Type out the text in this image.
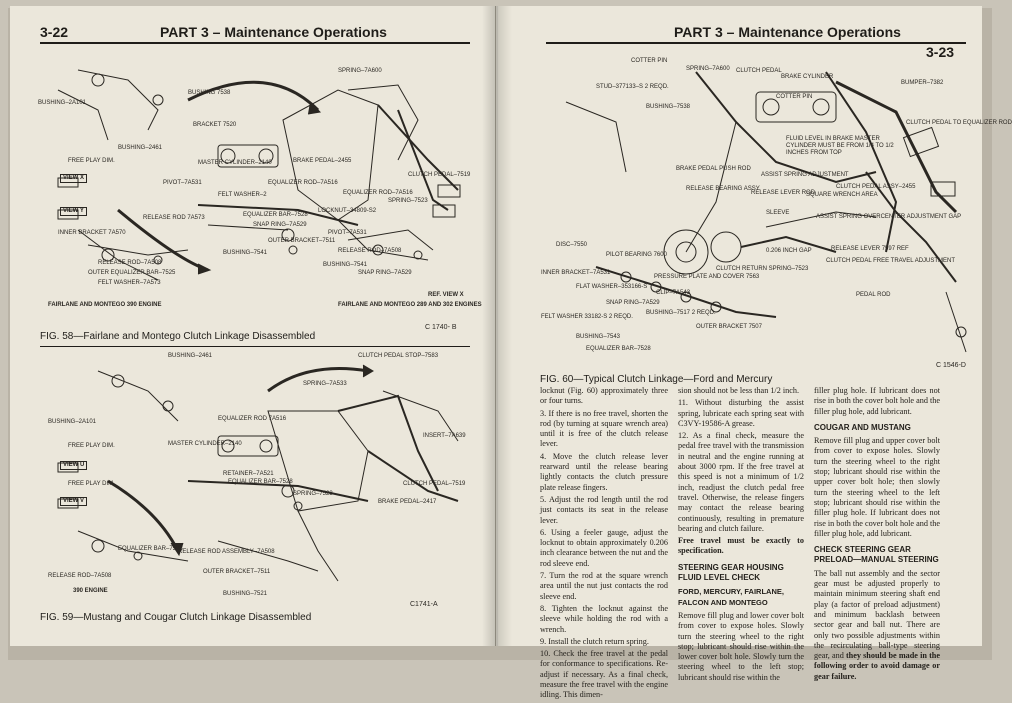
3-22	PART 3 – Maintenance Operations
BUSHING–2A101
BUSHING 7538
BRACKET 7520
BUSHING–2461
FREE PLAY DIM.
VIEW X
VIEW Y
MASTER CYLINDER–2140
PIVOT–7A531
FELT WASHER–2
EQUALIZER ROD–7A516
EQUALIZER BAR–7528
SNAP RING–7A529
RELEASE ROD 7A573
BUSHING–7541
INNER BRACKET 7A570
RELEASE ROD–7A508
OUTER EQUALIZER BAR–7525
FELT WASHER–7A573
OUTER BRACKET–7511
SPRING–7A600
BRAKE PEDAL–2455
CLUTCH PEDAL–7519
EQUALIZER ROD–7A516
SPRING–7523
LOCKNUT–34809-S2
PIVOT–7A531
BUSHING–7541
SNAP RING–7A529
RELEASE ROD–7A508
REF. VIEW X
FAIRLANE AND MONTEGO 390 ENGINE	FAIRLANE AND MONTEGO 289 AND 302 ENGINES
C 1740- B
FIG. 58—Fairlane and Montego Clutch Linkage Disassembled
BUSHING–2461	CLUTCH PEDAL STOP–7583
BUSHING–2A101
FREE PLAY DIM.
VIEW U
MASTER CYLINDER–2140
EQUALIZER ROD 7A516
SPRING–7A533
INSERT–7A639
RETAINER–7A521
EQUALIZER BAR–7528
SPRING–7523
CLUTCH PEDAL–7519
BRAKE PEDAL–2417
FREE PLAY DIM.
VIEW V
EQUALIZER BAR–7528
RELEASE ROD ASSEMBLY–7A508
OUTER BRACKET–7511
BUSHING–7521
390 ENGINE
RELEASE ROD–7A508
C1741-A
FIG. 59—Mustang and Cougar Clutch Linkage Disassembled
PART 3 – Maintenance Operations
3-23
COTTER PIN
SPRING–7A600 CLUTCH PEDAL
BRAKE CYLINDER
BUMPER–7382
STUD–377133–S 2 REQD.
BUSHING–7538
COTTER PIN
CLUTCH PEDAL TO EQUALIZER ROD
FLUID LEVEL IN BRAKE MASTER CYLINDER MUST BE FROM 1/4 TO 1/2 INCHES FROM TOP
ASSIST SPRING ADJUSTMENT
BRAKE PEDAL PUSH ROD
RELEASE BEARING ASSY.
RELEASE LEVER ROD
SQUARE WRENCH AREA
CLUTCH PEDAL ASSY–2455
ASSIST SPRING OVERCENTER ADJUSTMENT GAP
SLEEVE
PILOT BEARING 7600
PRESSURE PLATE AND COVER 7563
CLUTCH RETURN SPRING–7523
0.206 INCH GAP	RELEASE LEVER 7597 REF
CLUTCH PEDAL FREE TRAVEL ADJUSTMENT
INNER BRACKET–7A531
FLAT WASHER–353166-S
CLIP–7A543
SNAP RING–7A529
FELT WASHER 33182-S 2 REQD.
BUSHING–7517 2 REQD.
BUSHING–7543
OUTER BRACKET 7507
EQUALIZER BAR–7528
PEDAL ROD
DISC–7550
C 1546-D
FIG. 60—Typical Clutch Linkage—Ford and Mercury

locknut (Fig. 60) approximately three or four turns.

3. If there is no free travel, shorten the rod (by turning at square wrench area) until it is free of the clutch release lever.

4. Move the clutch release lever rearward until the release bearing lightly contacts the clutch pressure plate release fingers.

5. Adjust the rod length until the rod just contacts its seat in the release lever.

6. Using a feeler gauge, adjust the locknut to obtain approximately 0.206 inch clearance between the nut and the rod sleeve end.

7. Turn the rod at the square wrench area until the nut just contacts the rod sleeve end.

8. Tighten the locknut against the sleeve while holding the rod with a wrench.

9. Install the clutch return spring.

10. Check the free travel at the pedal for conformance to specifications. Re-adjust if necessary. As a final check, measure the free travel with the engine idling. This dimen-

sion should not be less than 1/2 inch.

11. Without disturbing the assist spring, lubricate each spring seat with C3VY-19586-A grease.

12. As a final check, measure the pedal free travel with the transmission in neutral and the engine running at about 3000 rpm. If the free travel at this speed is not a minimum of 1/2 inch, readjust the clutch pedal free travel. Otherwise, the release fingers may contact the release bearing continuously, resulting in premature bearing and clutch failure.

Free travel must be exactly to specification.

STEERING GEAR HOUSING FLUID LEVEL CHECK
FORD, MERCURY, FAIRLANE, FALCON AND MONTEGO

Remove fill plug and lower cover bolt from cover to expose holes. Slowly turn the steering wheel to the right stop; lubricant should rise within the lower cover bolt hole. Slowly turn the steering wheel to the left stop; lubricant should rise within the

filler plug hole. If lubricant does not rise in both the cover bolt hole and the filler plug hole, add lubricant.

COUGAR AND MUSTANG

Remove fill plug and upper cover bolt from cover to expose holes. Slowly turn the steering wheel to the right stop; lubricant should rise within the upper cover bolt hole; then slowly turn the steering wheel to the left stop; lubricant should rise within the filler plug hole. If lubricant does not rise in both the cover bolt hole and the filler plug hole, add lubricant.

CHECK STEERING GEAR PRELOAD—MANUAL STEERING

The ball nut assembly and the sector gear must be adjusted properly to maintain minimum steering shaft end play (a factor of preload adjustment) and minimum backlash between sector gear and ball nut. There are only two possible adjustments within the recirculating ball-type steering gear, and they should be made in the following order to avoid damage or gear failure.
